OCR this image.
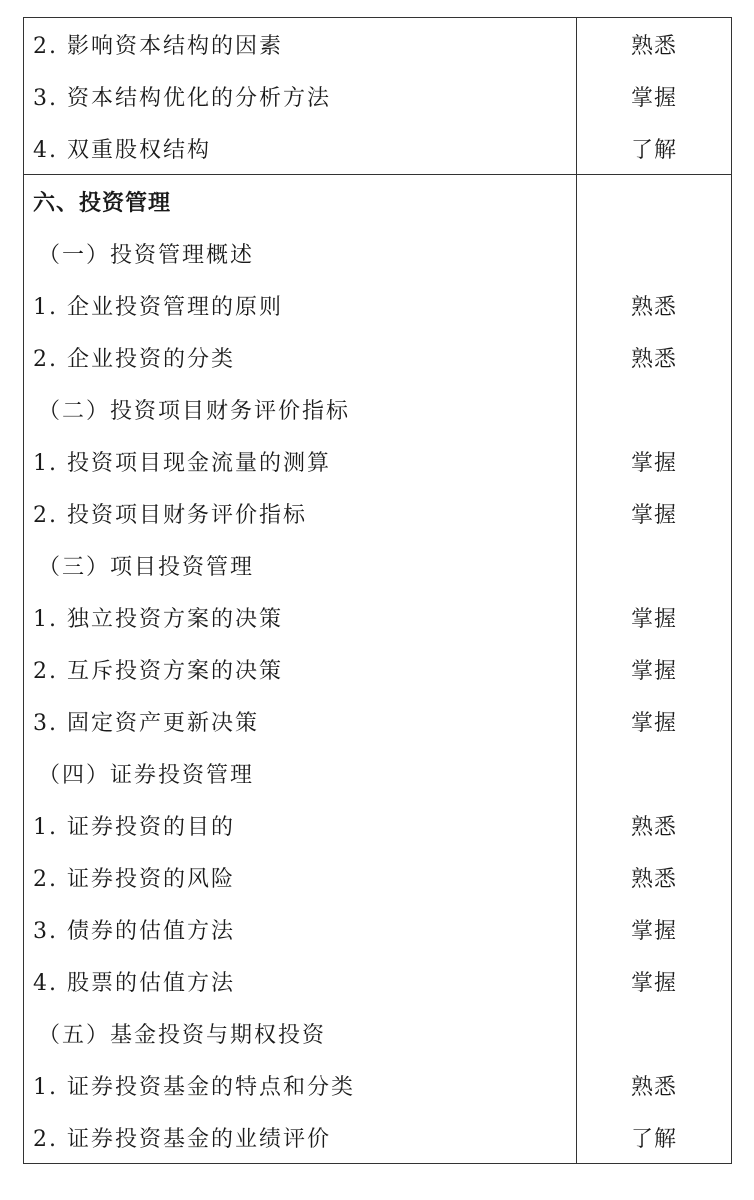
2. 影响资本结构的因素	熟悉
3. 资本结构优化的分析方法	掌握
4. 双重股权结构	了解
六、投资管理	
（一）投资管理概述	
1. 企业投资管理的原则	熟悉
2. 企业投资的分类	熟悉
（二）投资项目财务评价指标	
1. 投资项目现金流量的测算	掌握
2. 投资项目财务评价指标	掌握
（三）项目投资管理	
1. 独立投资方案的决策	掌握
2. 互斥投资方案的决策	掌握
3. 固定资产更新决策	掌握
（四）证券投资管理	
1. 证券投资的目的	熟悉
2. 证券投资的风险	熟悉
3. 债券的估值方法	掌握
4. 股票的估值方法	掌握
（五）基金投资与期权投资	
1. 证券投资基金的特点和分类	熟悉
2. 证券投资基金的业绩评价	了解
